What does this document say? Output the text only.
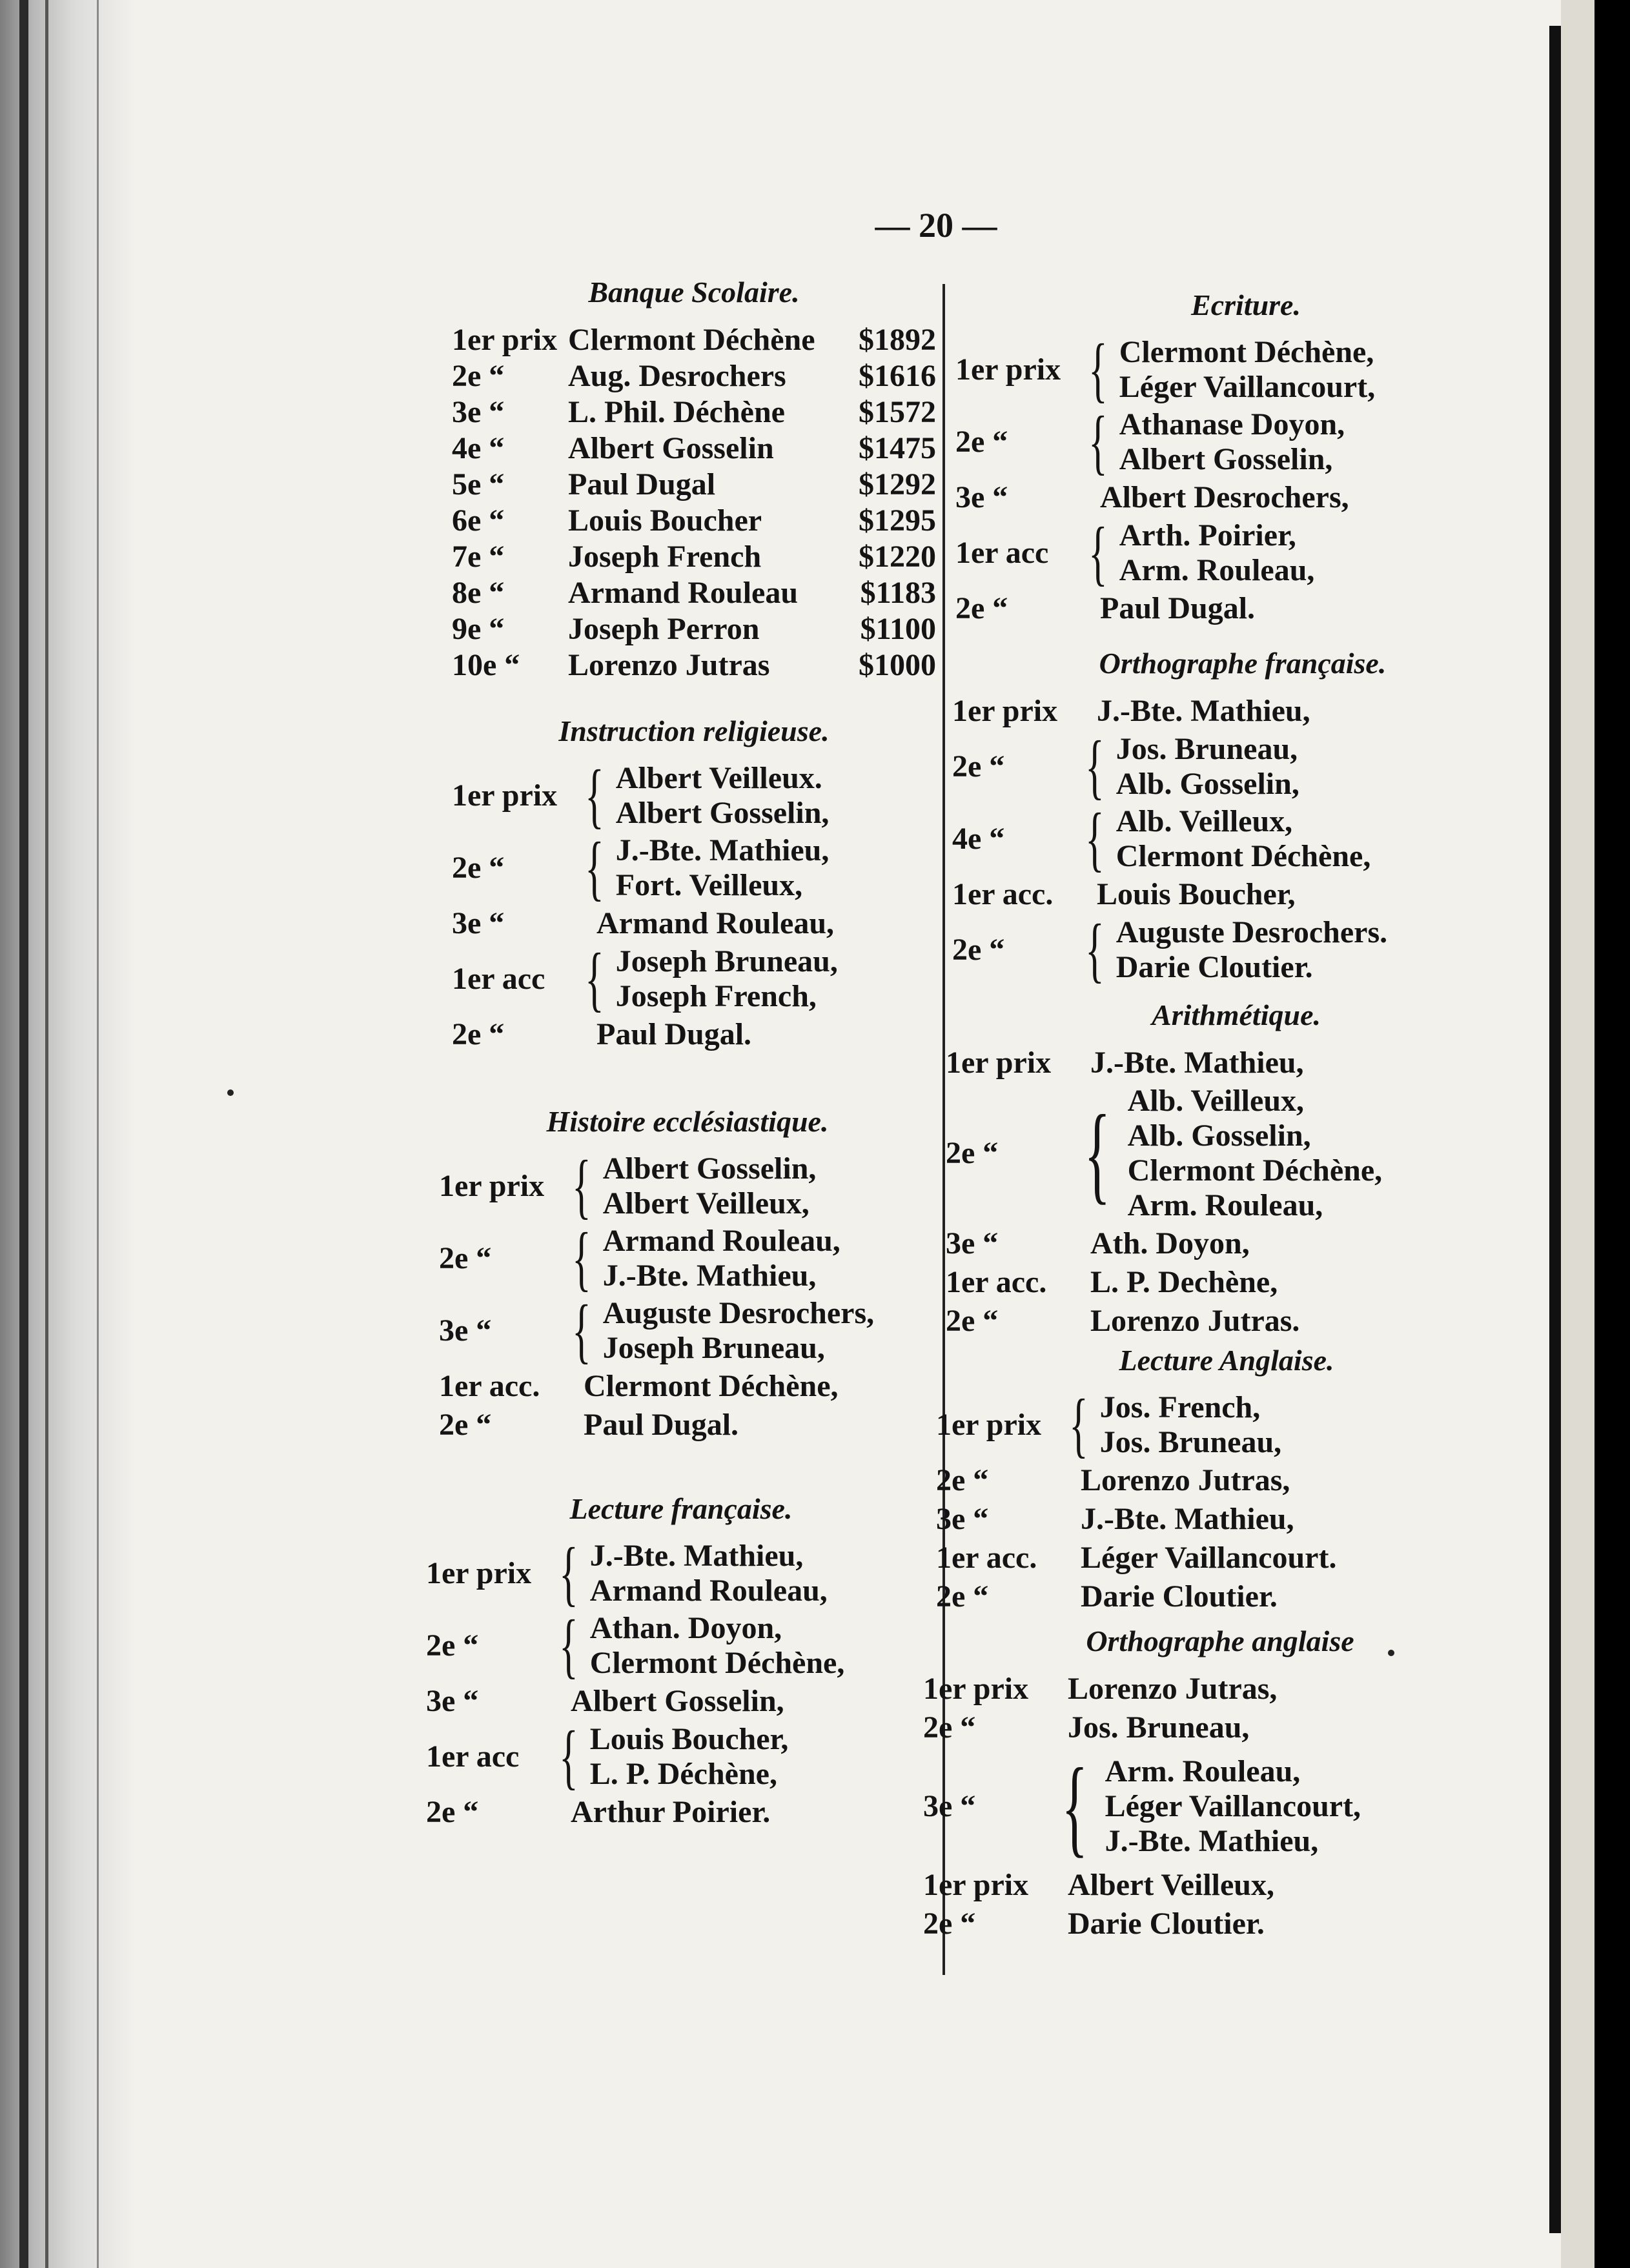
— 20 —
Banque Scolaire.
1er prix Clermont Déchène $1892
2e “	Aug. Desrochers $1616
3e “	L. Phil. Déchène $1572
4e “	Albert Gosselin	$1475
5e “	Paul Dugal	$1292
6e “	Louis Boucher	$1295
7e “	Joseph French	$1220
8e “	Armand Rouleau $1183
9e “	Joseph Perron	$1100
10e “	Lorenzo Jutras	$1000
Instruction religieuse.
1er prix { Albert Veilleux.
Albert Gosselin,
2e “	{ J.-Bte. Mathieu,
Fort. Veilleux,
3e “	Armand Rouleau,
1er acc { Joseph Bruneau,
Joseph French,
2e “	Paul Dugal.
Histoire ecclésiastique.
1er prix { Albert Gosselin,
Albert Veilleux,
2e “	{ Armand Rouleau,
J.-Bte. Mathieu,
3e “	{ Auguste Desrochers,
Joseph Bruneau,
1er acc.	Clermont Déchène,
2e “	Paul Dugal.
Lecture française.
1er prix { J.-Bte. Mathieu,
Armand Rouleau,
2e “	{ Athan. Doyon,
Clermont Déchène,
3e “	Albert Gosselin,
1er acc { Louis Boucher,
L. P. Déchène,
2e “	Arthur Poirier.
Ecriture.
1er prix { Clermont Déchène,
Léger Vaillancourt,
2e “	{ Athanase Doyon,
Albert Gosselin,
3e “	Albert Desrochers,
1er acc { Arth. Poirier,
Arm. Rouleau,
2e “	Paul Dugal.
Orthographe française.
1er prix	J.-Bte. Mathieu,
2e “	{ Jos. Bruneau,
Alb. Gosselin,
4e “	{ Alb. Veilleux,
Clermont Déchène,
1er acc.	Louis Boucher,
2e “	{ Auguste Desrochers.
Darie Cloutier.
Arithmétique.
1er prix	J.-Bte. Mathieu,
2e “ { Alb. Veilleux,
Alb. Gosselin,
Clermont Déchène,
Arm. Rouleau,
3e “	Ath. Doyon,
1er acc.	L. P. Dechène,
2e “	Lorenzo Jutras.
Lecture Anglaise.
1er prix { Jos. French,
Jos. Bruneau,
2e “	Lorenzo Jutras,
3e “	J.-Bte. Mathieu,
1er acc.	Léger Vaillancourt.
2e “	Darie Cloutier.
Orthographe anglaise
1er prix	Lorenzo Jutras,
2e “	Jos. Bruneau,
3e “ { Arm. Rouleau,
Léger Vaillancourt,
J.-Bte. Mathieu,
1er prix	Albert Veilleux,
2e “	Darie Cloutier.
